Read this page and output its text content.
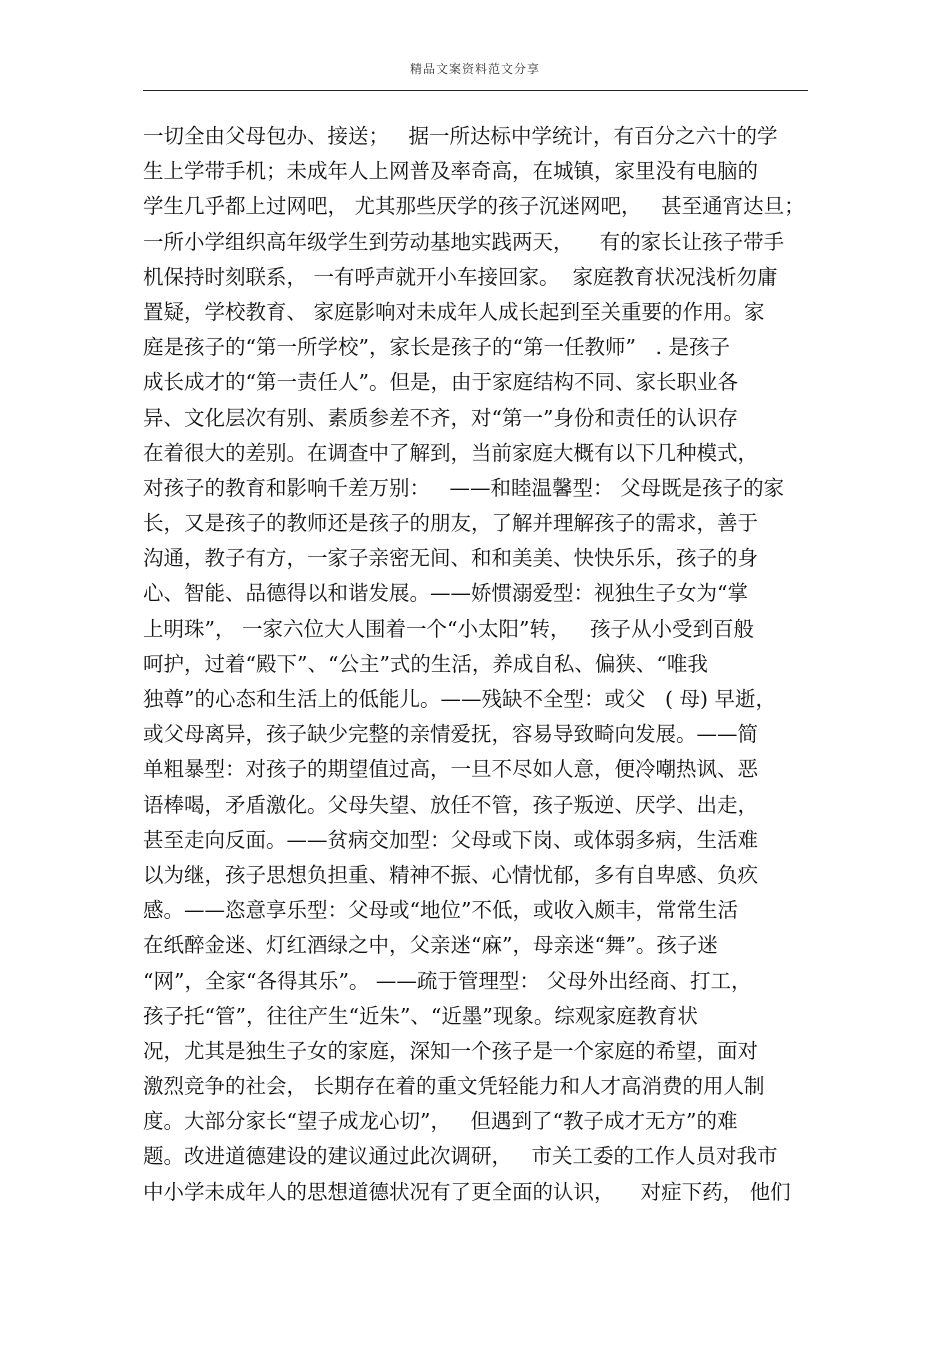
精品文案资料范文分享
一切全由父母包办、接送；   据一所达标中学统计，有百分之六十的学
生上学带手机；未成年人上网普及率奇高，在城镇，家里没有电脑的
学生几乎都上过网吧， 尤其那些厌学的孩子沉迷网吧，   甚至通宵达旦；
一所小学组织高年级学生到劳动基地实践两天，    有的家长让孩子带手
机保持时刻联系， 一有呼声就开小车接回家。  家庭教育状况浅析勿庸
置疑，学校教育、 家庭影响对未成年人成长起到至关重要的作用。家
庭是孩子的“第一所学校”，家长是孩子的“第一任教师”   . 是孩子
成长成才的“第一责任人”。但是，由于家庭结构不同、家长职业各
异、文化层次有别、素质参差不齐，对“第一”身份和责任的认识存
在着很大的差别。在调查中了解到，当前家庭大概有以下几种模式，
对孩子的教育和影响千差万别：   ——和睦温馨型： 父母既是孩子的家
长，又是孩子的教师还是孩子的朋友，了解并理解孩子的需求，善于
沟通，教子有方，一家子亲密无间、和和美美、快快乐乐，孩子的身
心、智能、品德得以和谐发展。——娇惯溺爱型：视独生子女为“掌
上明珠”， 一家六位大人围着一个“小太阳”转，   孩子从小受到百般
呵护，过着“殿下”、“公主”式的生活，养成自私、偏狭、“唯我
独尊”的心态和生活上的低能儿。——残缺不全型：或父   ( 母) 早逝，
或父母离异，孩子缺少完整的亲情爱抚，容易导致畸向发展。——简
单粗暴型：对孩子的期望值过高，一旦不尽如人意，便冷嘲热讽、恶
语棒喝，矛盾激化。父母失望、放任不管，孩子叛逆、厌学、出走，
甚至走向反面。——贫病交加型：父母或下岗、或体弱多病，生活难
以为继，孩子思想负担重、精神不振、心情忧郁，多有自卑感、负疚
感。——恣意享乐型：父母或“地位”不低，或收入颇丰，常常生活
在纸醉金迷、灯红酒绿之中，父亲迷“麻”，母亲迷“舞”。孩子迷
“网”，全家“各得其乐”。 ——疏于管理型： 父母外出经商、打工，
孩子托“管”，往往产生“近朱”、“近墨”现象。综观家庭教育状
况，尤其是独生子女的家庭，深知一个孩子是一个家庭的希望，面对
激烈竞争的社会， 长期存在着的重文凭轻能力和人才高消费的用人制
度。大部分家长“望子成龙心切”，   但遇到了“教子成才无方”的难
题。改进道德建设的建议通过此次调研，   市关工委的工作人员对我市
中小学未成年人的思想道德状况有了更全面的认识，    对症下药， 他们
